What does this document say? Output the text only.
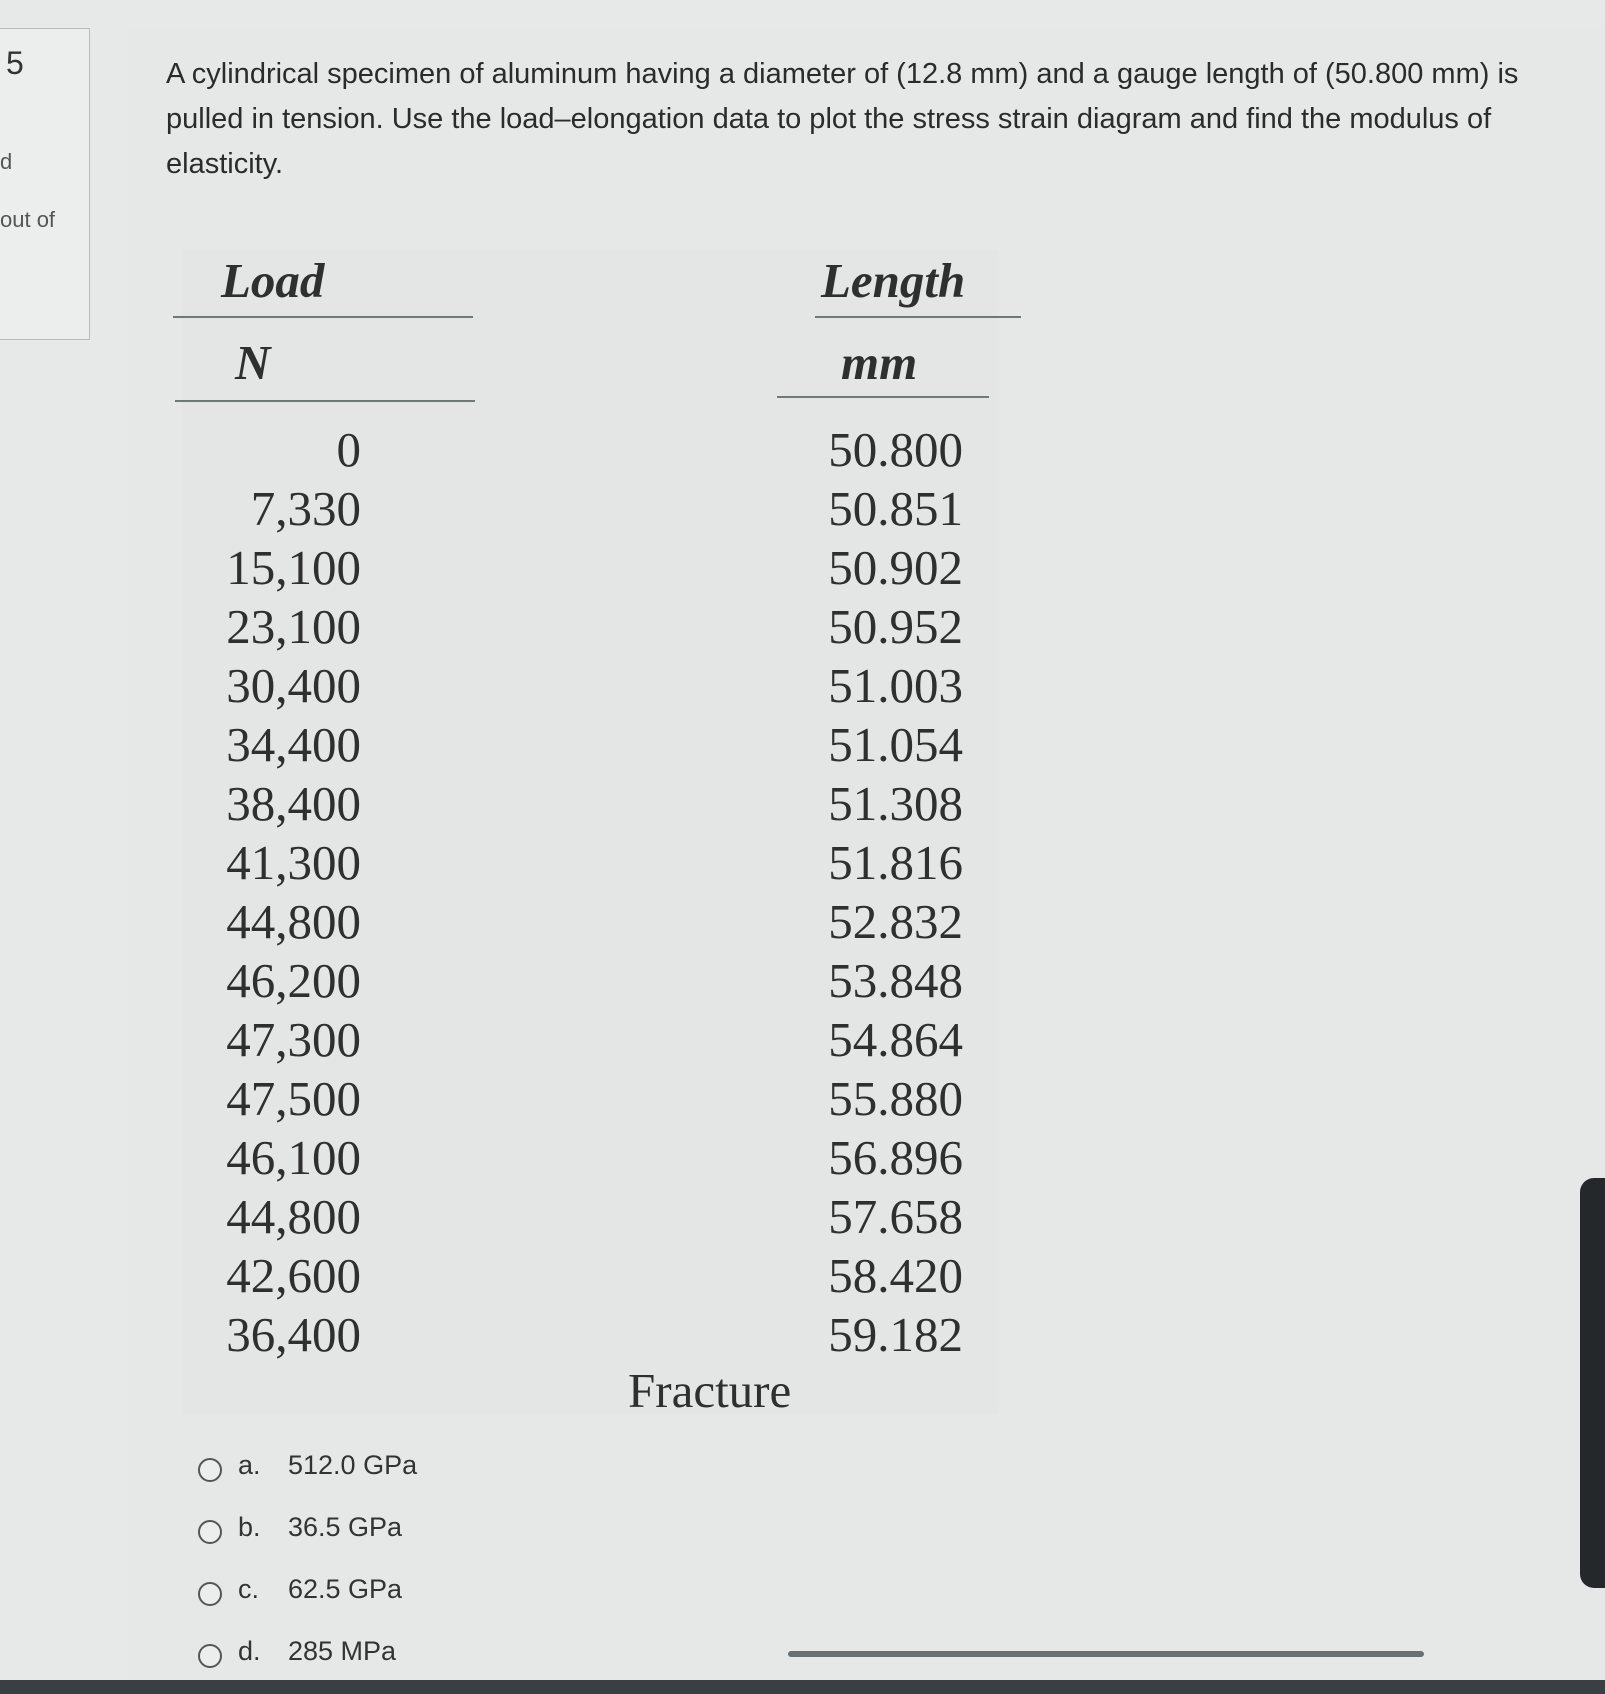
5
d
out of
A cylindrical specimen of aluminum having a diameter of (12.8 mm) and a gauge length of (50.800 mm) is pulled in tension. Use the load–elongation data to plot the stress strain diagram and find the modulus of elasticity.
Load	Length
N	mm
0
7,330
15,100
23,100
30,400
34,400
38,400
41,300
44,800
46,200
47,300
47,500
46,100
44,800
42,600
36,400
50.800
50.851
50.902
50.952
51.003
51.054
51.308
51.816
52.832
53.848
54.864
55.880
56.896
57.658
58.420
59.182
Fracture
a. 512.0 GPa
b. 36.5 GPa
c. 62.5 GPa
d. 285 MPa
